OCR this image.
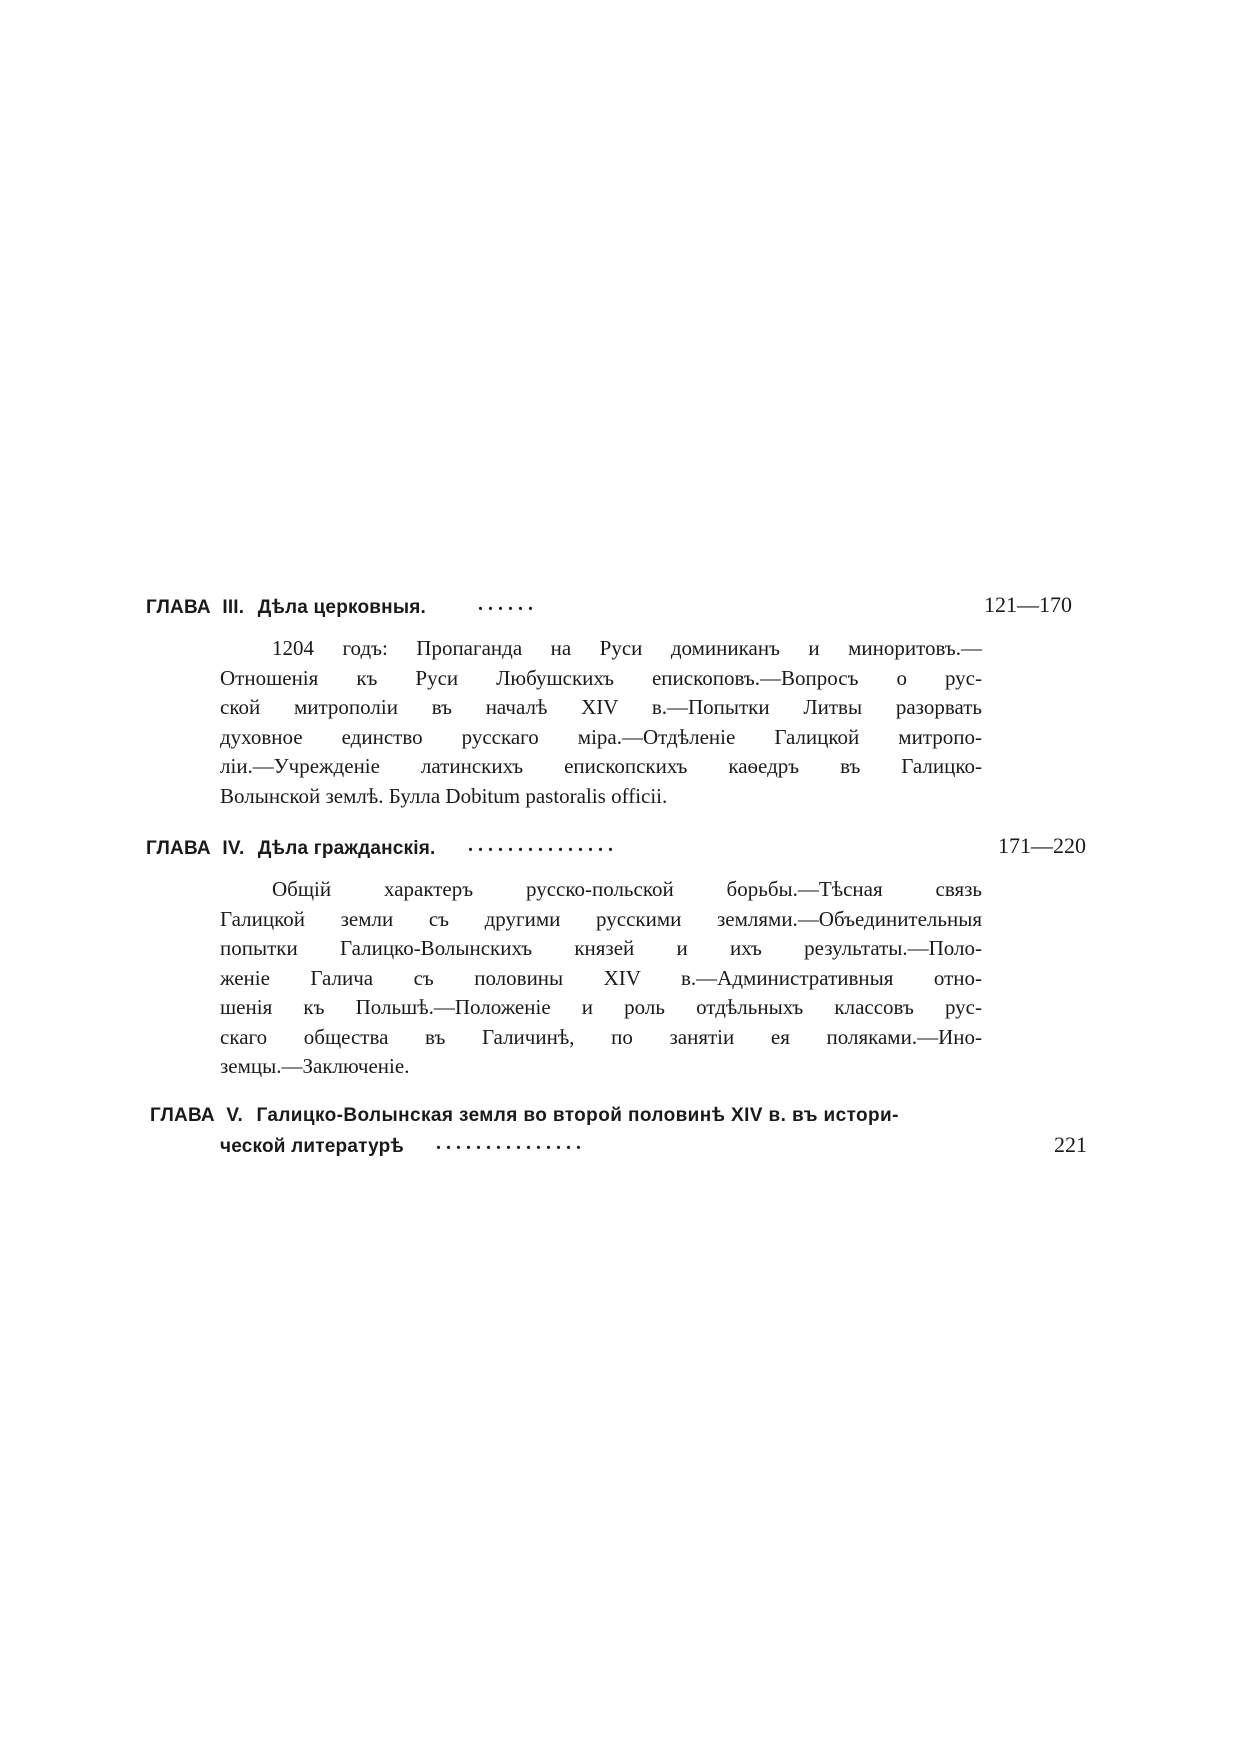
ГЛАВА III. Дѣла церковныя.	. . . . . .	121—170
1204 годъ: Пропаганда на Руси доминиканъ и миноритовъ.—
Отношенія къ Руси Любушскихъ епископовъ.—Вопросъ о рус-
ской митрополіи въ началѣ XIV в.—Попытки Литвы разорвать
духовное единство русскаго міра.—Отдѣленіе Галицкой митропо-
ліи.—Учрежденіе латинскихъ епископскихъ каѳедръ въ Галицко-
Волынской землѣ. Булла Dobitum pastoralis officii.
ГЛАВА IV. Дѣла гражданскія. . . . . . . . . . . . . . . .	171—220
Общій характеръ русско-польской борьбы.—Тѣсная связь
Галицкой земли съ другими русскими землями.—Объединительныя
попытки Галицко-Волынскихъ князей и ихъ результаты.—Поло-
женіе Галича съ половины XIV в.—Административныя отно-
шенія къ Польшѣ.—Положеніе и роль отдѣльныхъ классовъ рус-
скаго общества въ Галичинѣ, по занятіи ея поляками.—Ино-
земцы.—Заключеніе.
ГЛАВА V. Галицко-Волынская земля во второй половинѣ XIV в. въ истори-
ческой литературѣ . . . . . . . . . . . . . . .	221
